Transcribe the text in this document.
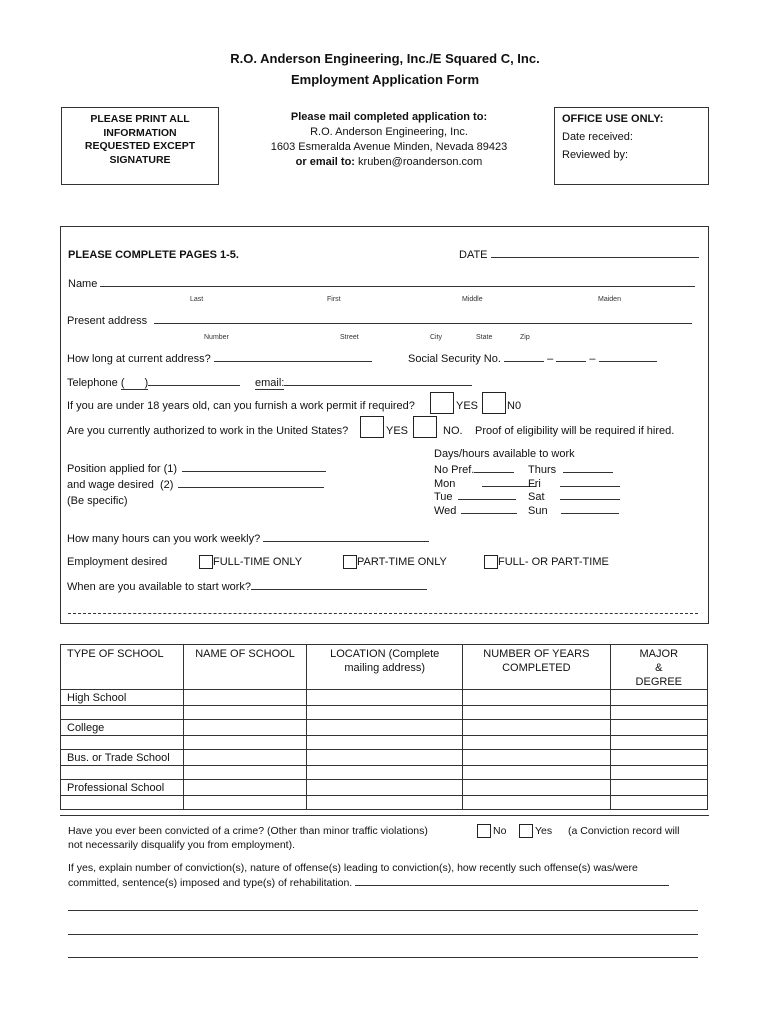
R.O. Anderson Engineering, Inc./E Squared C, Inc.
Employment Application Form
PLEASE PRINT ALL INFORMATION REQUESTED EXCEPT SIGNATURE
Please mail completed application to:
R.O. Anderson Engineering, Inc.
1603 Esmeralda Avenue Minden, Nevada 89423
or email to: kruben@roanderson.com
OFFICE USE ONLY:
Date received:
Reviewed by:
PLEASE COMPLETE PAGES 1-5.	DATE
Name
Last	First	Middle	Maiden
Present address
Number	Street	City	State	Zip
How long at current address?	Social Security No.	–	–
Telephone ( )	email:
If you are under 18 years old, can you furnish a work permit if required?	YES	N0
Are you currently authorized to work in the United States?	YES	NO. Proof of eligibility will be required if hired.
Days/hours available to work
No Pref.
Mon
Tue
Wed
Thurs
Fri
Sat
Sun
Position applied for (1)
and wage desired (2)
(Be specific)
How many hours can you work weekly?
Employment desired	FULL-TIME ONLY	PART-TIME ONLY	FULL- OR PART-TIME
When are you available to start work?
TYPE OF SCHOOL	NAME OF SCHOOL	LOCATION (Complete mailing address)	NUMBER OF YEARS COMPLETED	MAJOR & DEGREE
High School				

College				

Bus. or Trade School				

Professional School				

Have you ever been convicted of a crime? (Other than minor traffic violations)	No	Yes (a Conviction record will
not necessarily disqualify you from employment).
If yes, explain number of conviction(s), nature of offense(s) leading to conviction(s), how recently such offense(s) was/were
committed, sentence(s) imposed and type(s) of rehabilitation.
